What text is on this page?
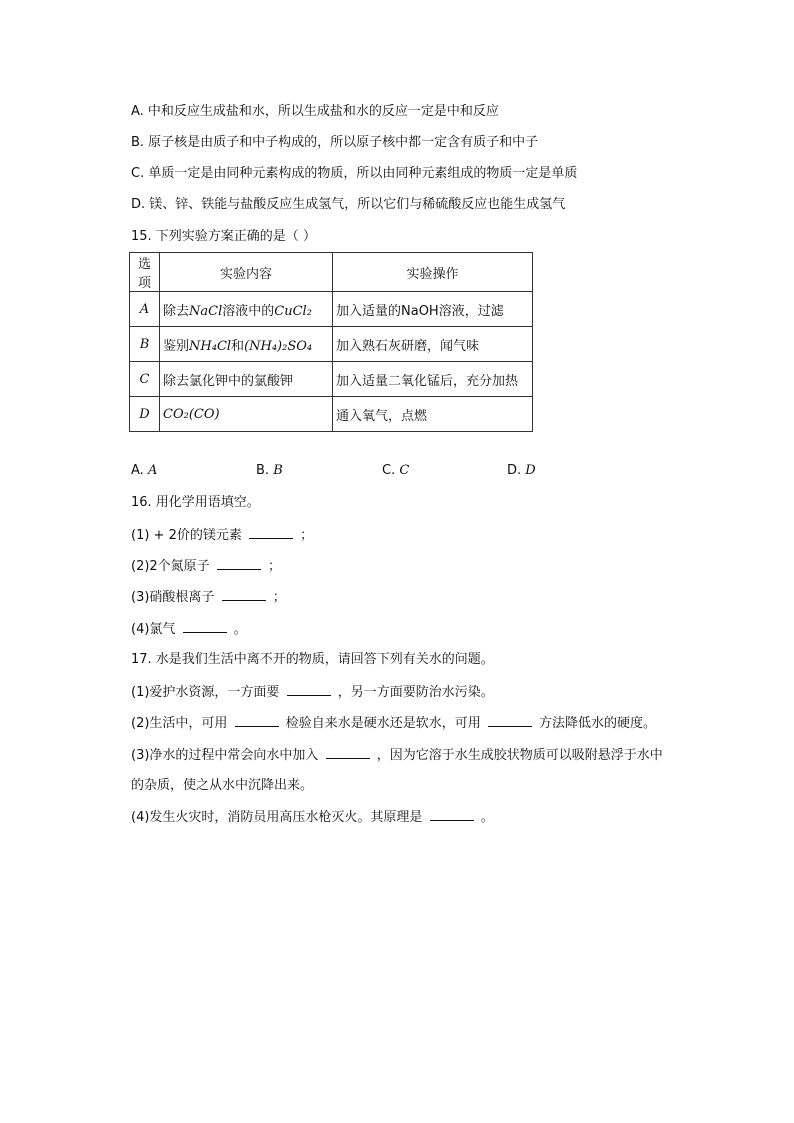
A. 中和反应生成盐和水，所以生成盐和水的反应一定是中和反应
B. 原子核是由质子和中子构成的，所以原子核中都一定含有质子和中子
C. 单质一定是由同种元素构成的物质，所以由同种元素组成的物质一定是单质
D. 镁、锌、铁能与盐酸反应生成氢气，所以它们与稀硫酸反应也能生成氢气
15. 下列实验方案正确的是（ ）
选项	实验内容	实验操作
A	除去NaCl溶液中的CuCl₂	加入适量的NaOH溶液，过滤
B	鉴别NH₄Cl和(NH₄)₂SO₄	加入熟石灰研磨，闻气味
C	除去氯化钾中的氯酸钾	加入适量二氧化锰后，充分加热
D	CO₂(CO)	通入氧气，点燃
A. A	B. B	C. C	D. D
16. 用化学用语填空。
(1) + 2价的镁元素	；
(2)2个氮原子	；
(3)硝酸根离子	；
(4)氯气	。
17. 水是我们生活中离不开的物质，请回答下列有关水的问题。
(1)爱护水资源，一方面要	，另一方面要防治水污染。
(2)生活中，可用	检验自来水是硬水还是软水，可用	方法降低水的硬度。
(3)净水的过程中常会向水中加入	，因为它溶于水生成胶状物质可以吸附悬浮于水中
的杂质，使之从水中沉降出来。
(4)发生火灾时，消防员用高压水枪灭火。其原理是	。
